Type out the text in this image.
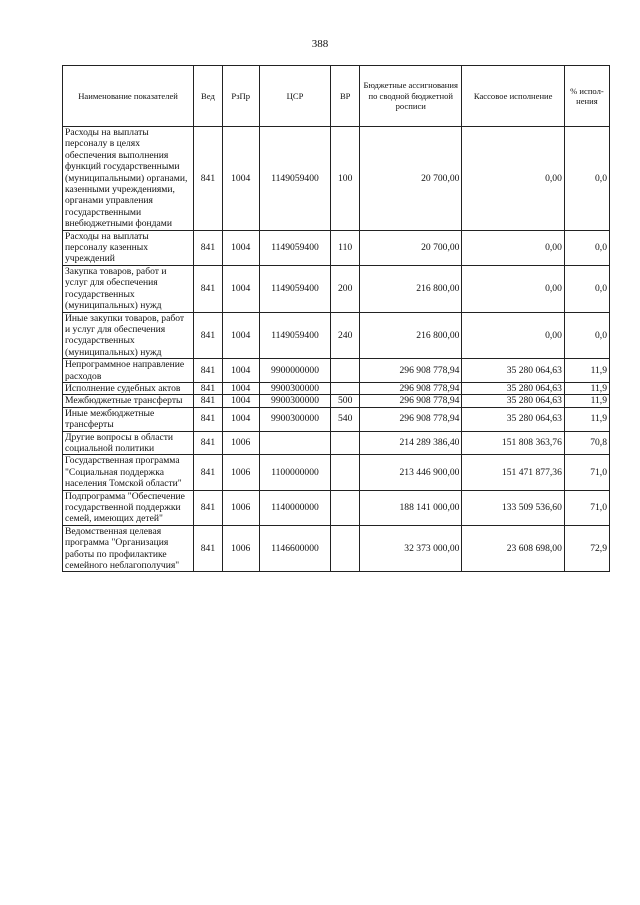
388
Наименование показателей	Вед	РзПр	ЦСР	ВР	Бюджетные ассигнования по сводной бюджетной росписи	Кассовое исполнение	% испол-нения
Расходы на выплаты персоналу в целях обеспечения выполнения функций государственными (муниципальными) органами, казенными учреждениями, органами управления государственными внебюджетными фондами	841	1004	1149059400	100	20 700,00	0,00	0,0
Расходы на выплаты персоналу казенных учреждений	841	1004	1149059400	110	20 700,00	0,00	0,0
Закупка товаров, работ и услуг для обеспечения государственных (муниципальных) нужд	841	1004	1149059400	200	216 800,00	0,00	0,0
Иные закупки товаров, работ и услуг для обеспечения государственных (муниципальных) нужд	841	1004	1149059400	240	216 800,00	0,00	0,0
Непрограммное направление расходов	841	1004	9900000000		296 908 778,94	35 280 064,63	11,9
Исполнение судебных актов	841	1004	9900300000		296 908 778,94	35 280 064,63	11,9
Межбюджетные трансферты	841	1004	9900300000	500	296 908 778,94	35 280 064,63	11,9
Иные межбюджетные трансферты	841	1004	9900300000	540	296 908 778,94	35 280 064,63	11,9
Другие вопросы в области социальной политики	841	1006			214 289 386,40	151 808 363,76	70,8
Государственная программа "Социальная поддержка населения Томской области"	841	1006	1100000000		213 446 900,00	151 471 877,36	71,0
Подпрограмма "Обеспечение государственной поддержки семей, имеющих детей"	841	1006	1140000000		188 141 000,00	133 509 536,60	71,0
Ведомственная целевая программа "Организация работы по профилактике семейного неблагополучия"	841	1006	1146600000		32 373 000,00	23 608 698,00	72,9
